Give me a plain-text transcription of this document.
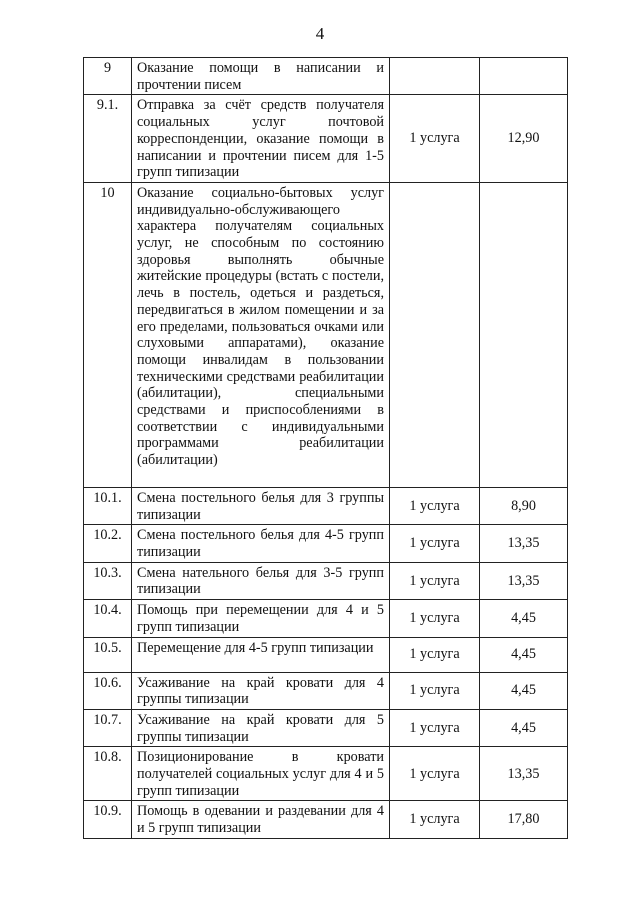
4
9	Оказание помощи в написании и прочтении писем		
9.1.	Отправка за счёт средств получателя социальных услуг почтовой корреспонденции, оказание помощи в написании и прочтении писем для 1-5 групп типизации	1 услуга	12,90
10	Оказание социально-бытовых услуг индивидуально-обслуживающего характера получателям социальных услуг, не способным по состоянию здоровья выполнять обычные житейские процедуры (встать с постели, лечь в постель, одеться и раздеться, передвигаться в жилом помещении и за его пределами, пользоваться очками или слуховыми аппаратами), оказание помощи инвалидам в пользовании техническими средствами реабилитации (абилитации), специальными средствами и приспособлениями в соответствии с индивидуальными программами реабилитации (абилитации)		
10.1.	Смена постельного белья для 3 группы типизации	1 услуга	8,90
10.2.	Смена постельного белья для 4-5 групп типизации	1 услуга	13,35
10.3.	Смена нательного белья для 3-5 групп типизации	1 услуга	13,35
10.4.	Помощь при перемещении для 4 и 5 групп типизации	1 услуга	4,45
10.5.	Перемещение для 4-5 групп типизации	1 услуга	4,45
10.6.	Усаживание на край кровати для 4 группы типизации	1 услуга	4,45
10.7.	Усаживание на край кровати для 5 группы типизации	1 услуга	4,45
10.8.	Позиционирование в кровати получателей социальных услуг для 4 и 5 групп типизации	1 услуга	13,35
10.9.	Помощь в одевании и раздевании для 4 и 5 групп типизации	1 услуга	17,80
